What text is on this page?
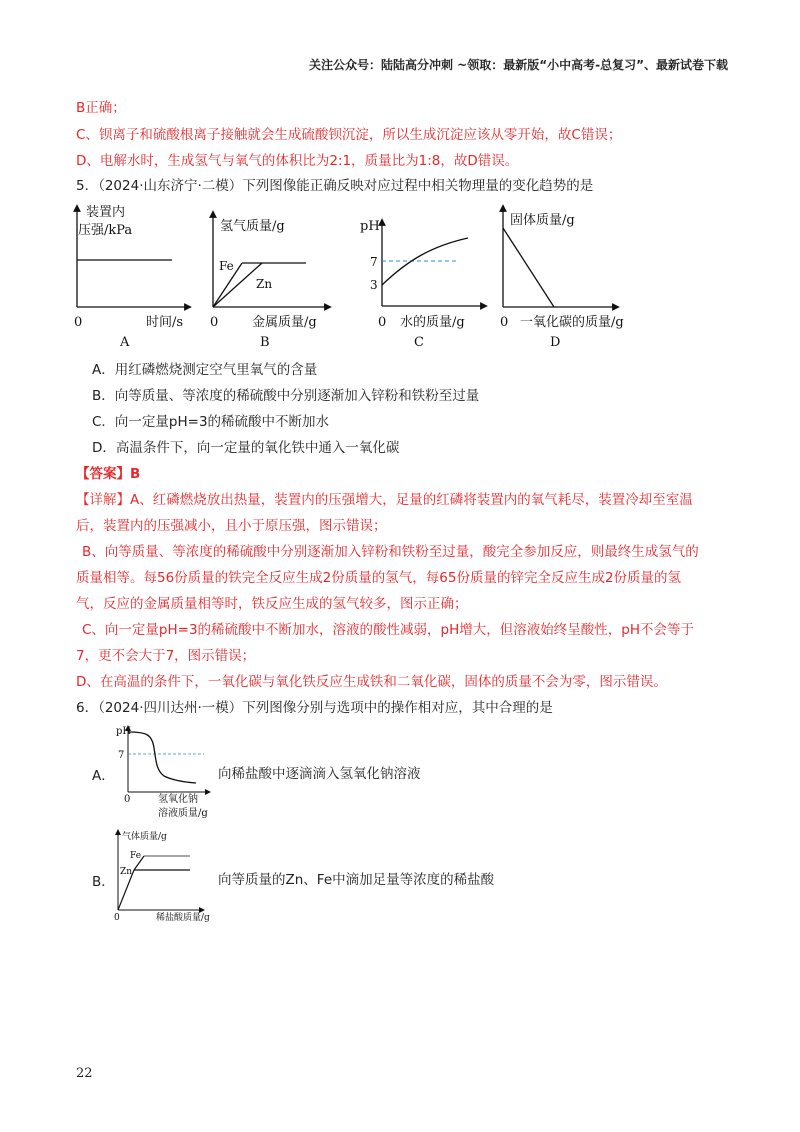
关注公众号：陆陆高分冲刺 ~领取：最新版“小中高考-总复习”、最新试卷下载
B正确；
C、钡离子和硫酸根离子接触就会生成硫酸钡沉淀，所以生成沉淀应该从零开始，故C错误；
D、电解水时，生成氢气与氧气的体积比为2:1，质量比为1:8，故D错误。
5．（2024·山东济宁·二模）下列图像能正确反映对应过程中相关物理量的变化趋势的是
装置内
压强/kPa
0	时间/s
A
氢气质量/g
Fe
Zn
0	金属质量/g
B
pH
7
3
0 水的质量/g
C
固体质量/g
0 一氧化碳的质量/g
D
A．用红磷燃烧测定空气里氧气的含量
B．向等质量、等浓度的稀硫酸中分别逐渐加入锌粉和铁粉至过量
C．向一定量pH=3的稀硫酸中不断加水
D．高温条件下，向一定量的氧化铁中通入一氧化碳
【答案】B
【详解】A、红磷燃烧放出热量，装置内的压强增大，足量的红磷将装置内的氧气耗尽，装置冷却至室温
后，装置内的压强减小，且小于原压强，图示错误；
B、向等质量、等浓度的稀硫酸中分别逐渐加入锌粉和铁粉至过量，酸完全参加反应，则最终生成氢气的
质量相等。每56份质量的铁完全反应生成2份质量的氢气，每65份质量的锌完全反应生成2份质量的氢
气，反应的金属质量相等时，铁反应生成的氢气较多，图示正确；
C、向一定量pH=3的稀硫酸中不断加水，溶液的酸性减弱，pH增大，但溶液始终呈酸性，pH不会等于
7，更不会大于7，图示错误；
D、在高温的条件下，一氧化碳与氧化铁反应生成铁和二氧化碳，固体的质量不会为零，图示错误。
6．（2024·四川达州·一模）下列图像分别与选项中的操作相对应，其中合理的是
A．
pH
7
0	氢氧化钠
溶液质量/g
向稀盐酸中逐滴滴入氢氧化钠溶液
B．
气体质量/g
Fe
Zn
0	稀盐酸质量/g
向等质量的Zn、Fe中滴加足量等浓度的稀盐酸
22
